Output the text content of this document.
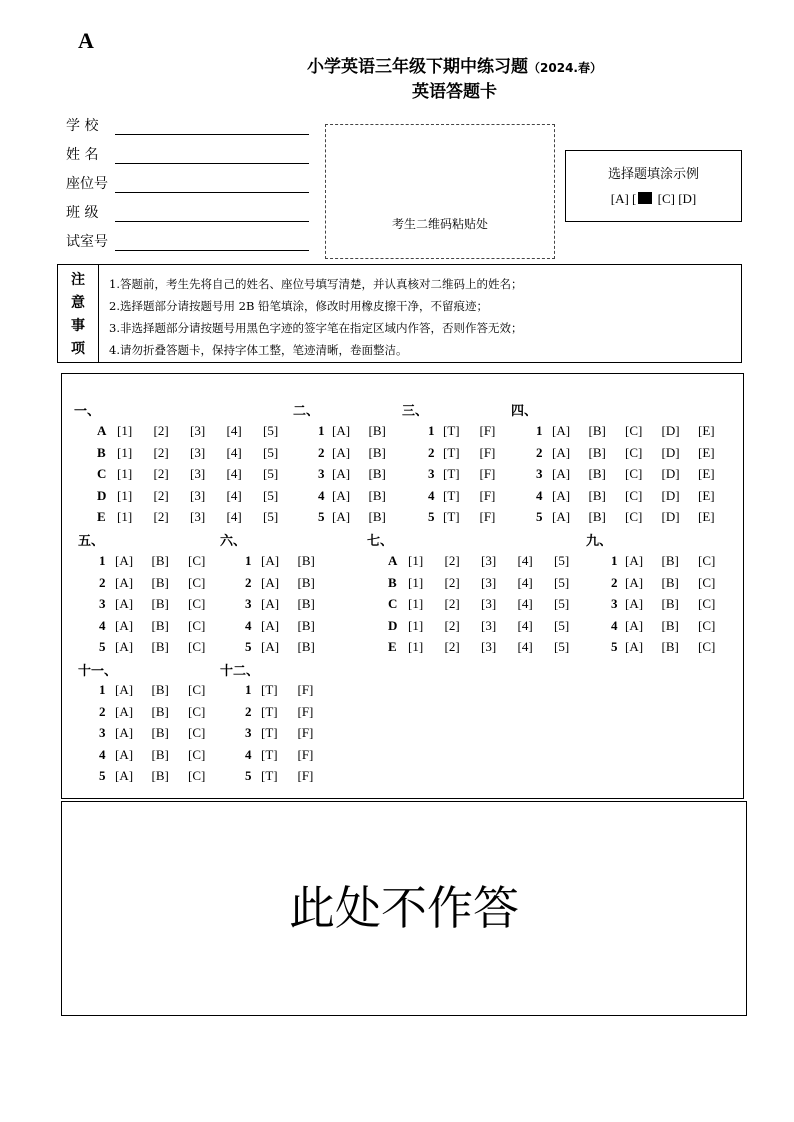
A
小学英语三年级下期中练习题（2024.春）
英语答题卡
学 校
姓 名
座位号
班 级
试室号
考生二维码粘贴处
选择题填涂示例
[A] [ [C] [D]
注
意
事
项
1.答题前，考生先将自己的姓名、座位号填写清楚，并认真核对二维码上的姓名；
2.选择题部分请按题号用 2B 铅笔填涂，修改时用橡皮擦干净，不留痕迹；
3.非选择题部分请按题号用黑色字迹的签字笔在指定区域内作答，否则作答无效；
4.请勿折叠答题卡，保持字体工整，笔迹清晰，卷面整洁。
一、
A [1] [2] [3] [4] [5]
B [1] [2] [3] [4] [5]
C [1] [2] [3] [4] [5]
D [1] [2] [3] [4] [5]
E [1] [2] [3] [4] [5]
二、
1 [A] [B]
2 [A] [B]
3 [A] [B]
4 [A] [B]
5 [A] [B]
三、
1 [T] [F]
2 [T] [F]
3 [T] [F]
4 [T] [F]
5 [T] [F]
四、
1 [A] [B] [C] [D] [E]
2 [A] [B] [C] [D] [E]
3 [A] [B] [C] [D] [E]
4 [A] [B] [C] [D] [E]
5 [A] [B] [C] [D] [E]
五、
1 [A] [B] [C]
2 [A] [B] [C]
3 [A] [B] [C]
4 [A] [B] [C]
5 [A] [B] [C]
六、
1 [A] [B]
2 [A] [B]
3 [A] [B]
4 [A] [B]
5 [A] [B]
七、
A [1] [2] [3] [4] [5]
B [1] [2] [3] [4] [5]
C [1] [2] [3] [4] [5]
D [1] [2] [3] [4] [5]
E [1] [2] [3] [4] [5]
九、
1 [A] [B] [C]
2 [A] [B] [C]
3 [A] [B] [C]
4 [A] [B] [C]
5 [A] [B] [C]
十一、
1 [A] [B] [C]
2 [A] [B] [C]
3 [A] [B] [C]
4 [A] [B] [C]
5 [A] [B] [C]
十二、
1 [T] [F]
2 [T] [F]
3 [T] [F]
4 [T] [F]
5 [T] [F]
此处不作答
